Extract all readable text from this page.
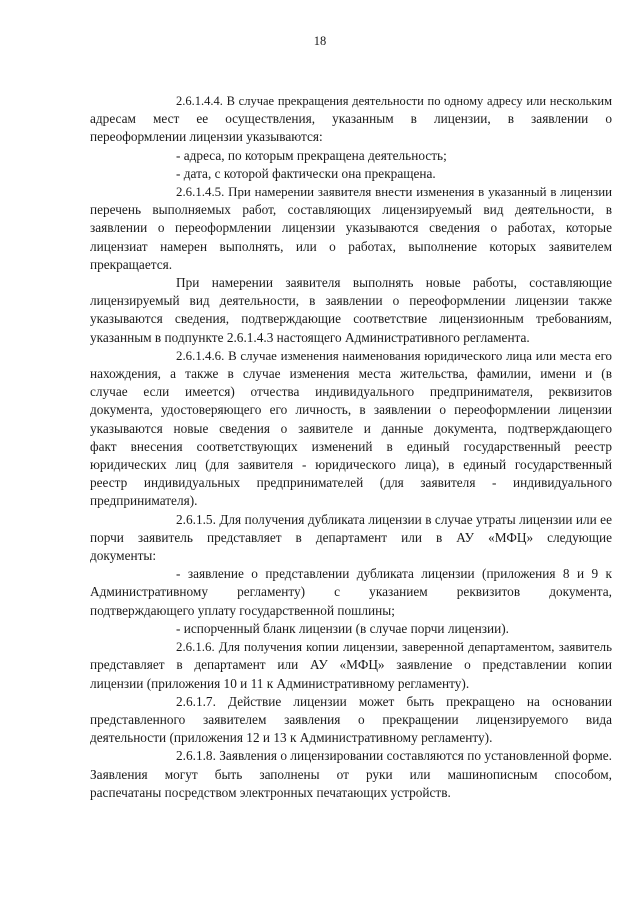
18
2.6.1.4.4. В случае прекращения деятельности по одному адресу или нескольким
адресам мест ее осуществления, указанным в лицензии, в заявлении о
переоформлении лицензии указываются:
- адреса, по которым прекращена деятельность;
- дата, с которой фактически она прекращена.
2.6.1.4.5. При намерении заявителя внести изменения в указанный в лицензии
перечень выполняемых работ, составляющих лицензируемый вид деятельности, в
заявлении о переоформлении лицензии указываются сведения о работах, которые
лицензиат намерен выполнять, или о работах, выполнение которых заявителем
прекращается.
При намерении заявителя выполнять новые работы, составляющие
лицензируемый вид деятельности, в заявлении о переоформлении лицензии также
указываются сведения, подтверждающие соответствие лицензионным требованиям,
указанным в подпункте 2.6.1.4.3 настоящего Административного регламента.
2.6.1.4.6. В случае изменения наименования юридического лица или места его
нахождения, а также в случае изменения места жительства, фамилии, имени и (в
случае если имеется) отчества индивидуального предпринимателя, реквизитов
документа, удостоверяющего его личность, в заявлении о переоформлении лицензии
указываются новые сведения о заявителе и данные документа, подтверждающего
факт внесения соответствующих изменений в единый государственный реестр
юридических лиц (для заявителя - юридического лица), в единый государственный
реестр индивидуальных предпринимателей (для заявителя - индивидуального
предпринимателя).
2.6.1.5. Для получения дубликата лицензии в случае утраты лицензии или ее
порчи заявитель представляет в департамент или в АУ «МФЦ» следующие
документы:
- заявление о представлении дубликата лицензии (приложения 8 и 9 к
Административному регламенту) с указанием реквизитов документа,
подтверждающего уплату государственной пошлины;
- испорченный бланк лицензии (в случае порчи лицензии).
2.6.1.6. Для получения копии лицензии, заверенной департаментом, заявитель
представляет в департамент или АУ «МФЦ» заявление о представлении копии
лицензии (приложения 10 и 11 к Административному регламенту).
2.6.1.7. Действие лицензии может быть прекращено на основании
представленного заявителем заявления о прекращении лицензируемого вида
деятельности (приложения 12 и 13 к Административному регламенту).
2.6.1.8. Заявления о лицензировании составляются по установленной форме.
Заявления могут быть заполнены от руки или машинописным способом,
распечатаны посредством электронных печатающих устройств.
